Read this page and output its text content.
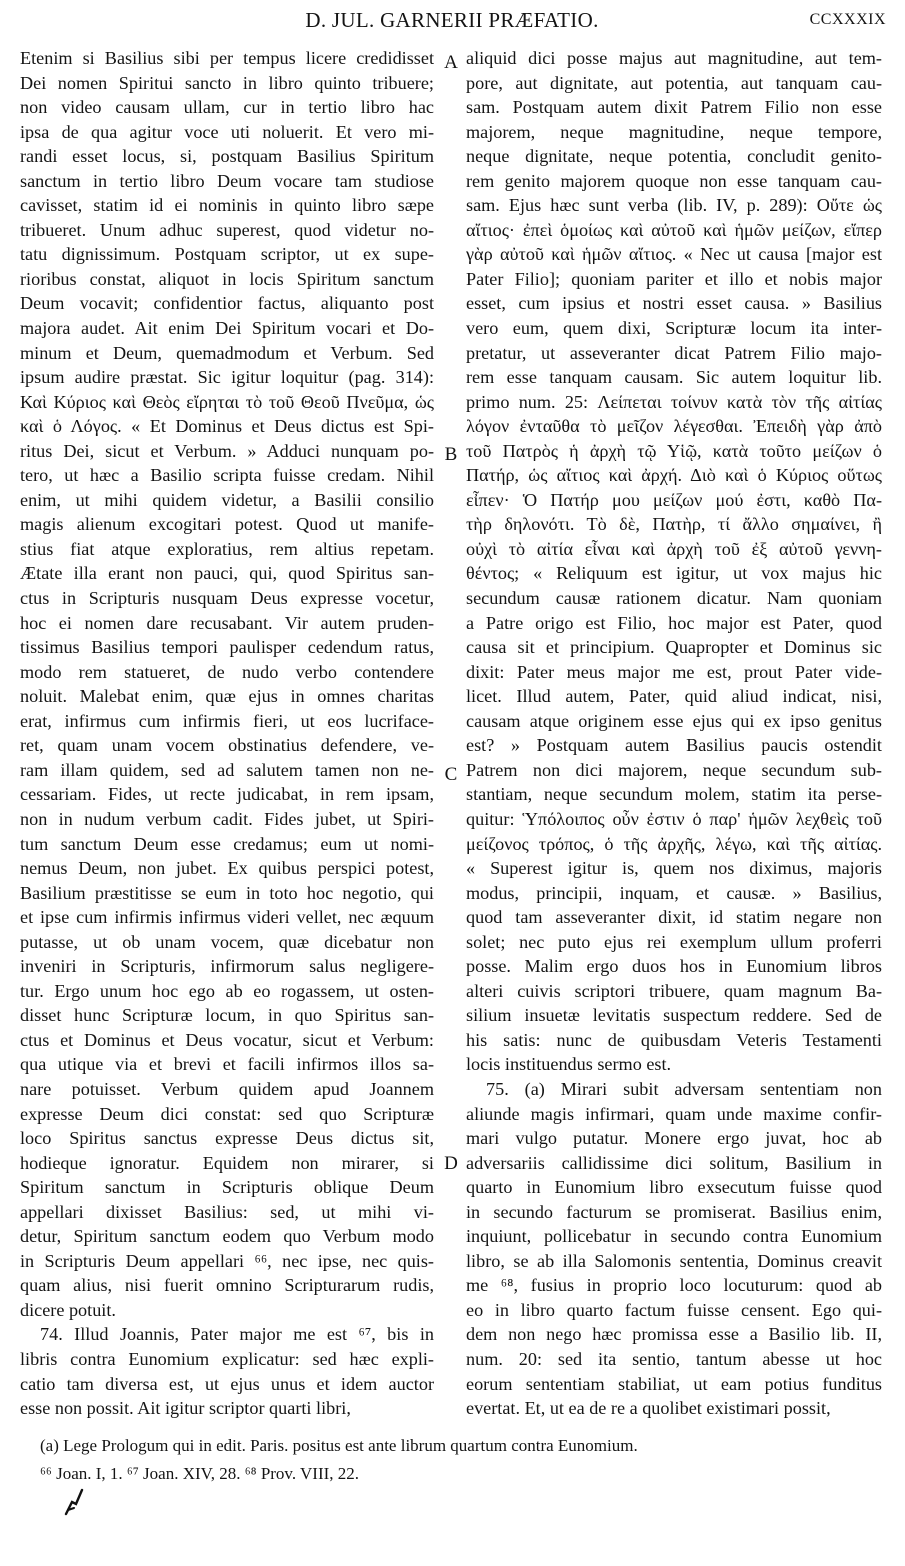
D. JUL. GARNERII PRÆFATIO.	CCXXXIX
Etenim si Basilius sibi per tempus licere credidisset
Dei nomen Spiritui sancto in libro quinto tribuere;
non video causam ullam, cur in tertio libro hac
ipsa de qua agitur voce uti noluerit. Et vero mi-
randi esset locus, si, postquam Basilius Spiritum
sanctum in tertio libro Deum vocare tam studiose
cavisset, statim id ei nominis in quinto libro sæpe
tribueret. Unum adhuc superest, quod videtur no-
tatu dignissimum. Postquam scriptor, ut ex supe-
rioribus constat, aliquot in locis Spiritum sanctum
Deum vocavit; confidentior factus, aliquanto post
majora audet. Ait enim Dei Spiritum vocari et Do-
minum et Deum, quemadmodum et Verbum. Sed
ipsum audire præstat. Sic igitur loquitur (pag. 314):
Καὶ Κύριος καὶ Θεὸς εἴρηται τὸ τοῦ Θεοῦ Πνεῦμα, ὡς
καὶ ὁ Λόγος. « Et Dominus et Deus dictus est Spi-
ritus Dei, sicut et Verbum. » Adduci nunquam po-
tero, ut hæc a Basilio scripta fuisse credam. Nihil
enim, ut mihi quidem videtur, a Basilii consilio
magis alienum excogitari potest. Quod ut manife-
stius fiat atque exploratius, rem altius repetam.
Ætate illa erant non pauci, qui, quod Spiritus san-
ctus in Scripturis nusquam Deus expresse vocetur,
hoc ei nomen dare recusabant. Vir autem pruden-
tissimus Basilius tempori paulisper cedendum ratus,
modo rem statueret, de nudo verbo contendere
noluit. Malebat enim, quæ ejus in omnes charitas
erat, infirmus cum infirmis fieri, ut eos lucriface-
ret, quam unam vocem obstinatius defendere, ve-
ram illam quidem, sed ad salutem tamen non ne-
cessariam. Fides, ut recte judicabat, in rem ipsam,
non in nudum verbum cadit. Fides jubet, ut Spiri-
tum sanctum Deum esse credamus; eum ut nomi-
nemus Deum, non jubet. Ex quibus perspici potest,
Basilium præstitisse se eum in toto hoc negotio, qui
et ipse cum infirmis infirmus videri vellet, nec æquum
putasse, ut ob unam vocem, quæ dicebatur non
inveniri in Scripturis, infirmorum salus negligere-
tur. Ergo unum hoc ego ab eo rogassem, ut osten-
disset hunc Scripturæ locum, in quo Spiritus san-
ctus et Dominus et Deus vocatur, sicut et Verbum:
qua utique via et brevi et facili infirmos illos sa-
nare potuisset. Verbum quidem apud Joannem
expresse Deum dici constat: sed quo Scripturæ
loco Spiritus sanctus expresse Deus dictus sit,
hodieque ignoratur. Equidem non mirarer, si
Spiritum sanctum in Scripturis oblique Deum
appellari dixisset Basilius: sed, ut mihi vi-
detur, Spiritum sanctum eodem quo Verbum modo
in Scripturis Deum appellari ⁶⁶, nec ipse, nec quis-
quam alius, nisi fuerit omnino Scripturarum rudis,
dicere potuit.
74. Illud Joannis, Pater major me est ⁶⁷, bis in
libris contra Eunomium explicatur: sed hæc expli-
catio tam diversa est, ut ejus unus et idem auctor
esse non possit. Ait igitur scriptor quarti libri,
aliquid dici posse majus aut magnitudine, aut tem-
pore, aut dignitate, aut potentia, aut tanquam cau-
sam. Postquam autem dixit Patrem Filio non esse
majorem, neque magnitudine, neque tempore,
neque dignitate, neque potentia, concludit genito-
rem genito majorem quoque non esse tanquam cau-
sam. Ejus hæc sunt verba (lib. IV, p. 289): Οὔτε ὡς
αἴτιος· ἐπεὶ ὁμοίως καὶ αὐτοῦ καὶ ἡμῶν μείζων, εἴπερ
γὰρ αὐτοῦ καὶ ἡμῶν αἴτιος. « Nec ut causa [major est
Pater Filio]; quoniam pariter et illo et nobis major
esset, cum ipsius et nostri esset causa. » Basilius
vero eum, quem dixi, Scripturæ locum ita inter-
pretatur, ut asseveranter dicat Patrem Filio majo-
rem esse tanquam causam. Sic autem loquitur lib.
primo num. 25: Λείπεται τοίνυν κατὰ τὸν τῆς αἰτίας
λόγον ἐνταῦθα τὸ μεῖζον λέγεσθαι. Ἐπειδὴ γὰρ ἀπὸ
τοῦ Πατρὸς ἡ ἀρχὴ τῷ Υἱῷ, κατὰ τοῦτο μείζων ὁ
Πατήρ, ὡς αἴτιος καὶ ἀρχή. Διὸ καὶ ὁ Κύριος οὕτως
εἶπεν· Ὁ Πατήρ μου μείζων μού ἐστι, καθὸ Πα-
τὴρ δηλονότι. Τὸ δὲ, Πατὴρ, τί ἄλλο σημαίνει, ἢ
οὐχὶ τὸ αἰτία εἶναι καὶ ἀρχὴ τοῦ ἐξ αὐτοῦ γεννη-
θέντος; « Reliquum est igitur, ut vox majus hic
secundum causæ rationem dicatur. Nam quoniam
a Patre origo est Filio, hoc major est Pater, quod
causa sit et principium. Quapropter et Dominus sic
dixit: Pater meus major me est, prout Pater vide-
licet. Illud autem, Pater, quid aliud indicat, nisi,
causam atque originem esse ejus qui ex ipso genitus
est? » Postquam autem Basilius paucis ostendit
Patrem non dici majorem, neque secundum sub-
stantiam, neque secundum molem, statim ita perse-
quitur: Ὑπόλοιπος οὖν ἐστιν ὁ παρ' ἡμῶν λεχθεὶς τοῦ
μείζονος τρόπος, ὁ τῆς ἀρχῆς, λέγω, καὶ τῆς αἰτίας.
« Superest igitur is, quem nos diximus, majoris
modus, principii, inquam, et causæ. » Basilius,
quod tam asseveranter dixit, id statim negare non
solet; nec puto ejus rei exemplum ullum proferri
posse. Malim ergo duos hos in Eunomium libros
alteri cuivis scriptori tribuere, quam magnum Ba-
silium insuetæ levitatis suspectum reddere. Sed de
his satis: nunc de quibusdam Veteris Testamenti
locis instituendus sermo est.
75. (a) Mirari subit adversam sententiam non
aliunde magis infirmari, quam unde maxime confir-
mari vulgo putatur. Monere ergo juvat, hoc ab
adversariis callidissime dici solitum, Basilium in
quarto in Eunomium libro exsecutum fuisse quod
in secundo facturum se promiserat. Basilius enim,
inquiunt, pollicebatur in secundo contra Eunomium
libro, se ab illa Salomonis sententia, Dominus creavit
me ⁶⁸, fusius in proprio loco locuturum: quod ab
eo in libro quarto factum fuisse censent. Ego qui-
dem non nego hæc promissa esse a Basilio lib. II,
num. 20: sed ita sentio, tantum abesse ut hoc
eorum sententiam stabiliat, ut eam potius funditus
evertat. Et, ut ea de re a quolibet existimari possit,
A
B
C
D
(a) Lege Prologum qui in edit. Paris. positus est ante librum quartum contra Eunomium.
⁶⁶ Joan. I, 1. ⁶⁷ Joan. XIV, 28. ⁶⁸ Prov. VIII, 22.
